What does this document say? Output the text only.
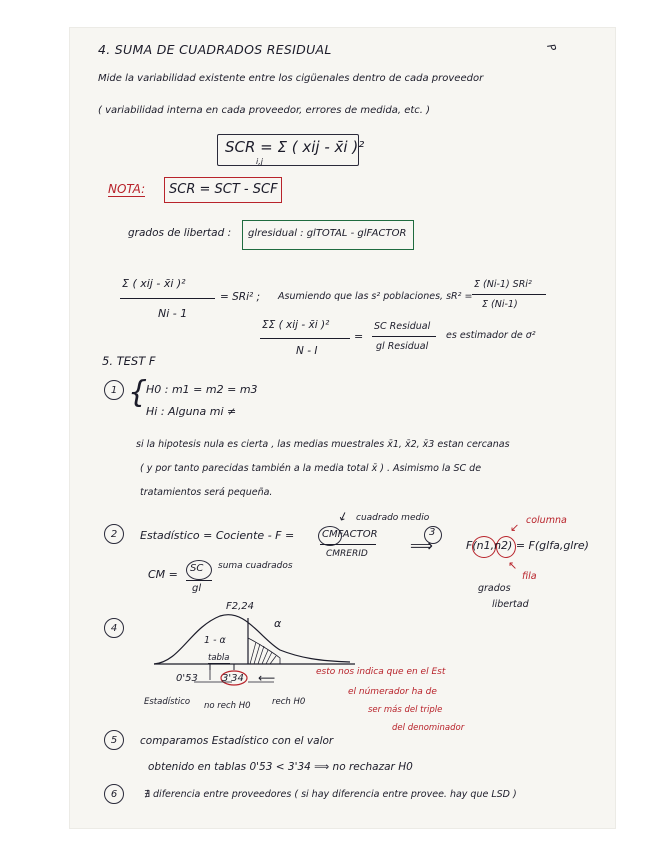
P
4. SUMA DE CUADRADOS RESIDUAL
Mide la variabilidad existente entre los cigüenales dentro de cada proveedor
( variabilidad interna en cada proveedor, errores de medida, etc. )
SCR = Σ ( xij - x̄i )²
i,j
NOTA: SCR = SCT - SCF
grados de libertad : glresidual : glTOTAL - glFACTOR
Σ ( xij - x̄i )²
Ni - 1
= SRi² ; Asumiendo que las s² poblaciones, sR² =
Σ (Ni-1) SRi²
Σ (Ni-1)
ΣΣ ( xij - x̄i )²
N - I
=
SC Residual
gl Residual
es estimador de σ²
5. TEST F
1 {
H0 : m1 = m2 = m3
Hi : Alguna mi ≠
si la hipotesis nula es cierta , las medias muestrales x̄1, x̄2, x̄3 estan cercanas
( y por tanto parecidas también a la media total x̄ ) . Asimismo la SC de
tratamientos será pequeña.
2 Estadístico = Cociente - F =	CMFACTOR
CMRERID
cuadrado medio
↙
3
⟹	F(n1,n2) = F(glfa,glre)
columna
↙
fila
↖
grados
libertad
CM = SC
gl
suma cuadrados
4
F2,24
α
1 - α
tabla
0'53 3'34
Estadístico no rech H0	rech H0
⟵	esto nos indica que en el Est
el númerador ha de
ser más del triple
del denominador
5 comparamos Estadístico con el valor
obtenido en tablas 0'53 < 3'34 ⟹ no rechazar H0
6	∄ diferencia entre proveedores ( si hay diferencia entre provee. hay que LSD )
